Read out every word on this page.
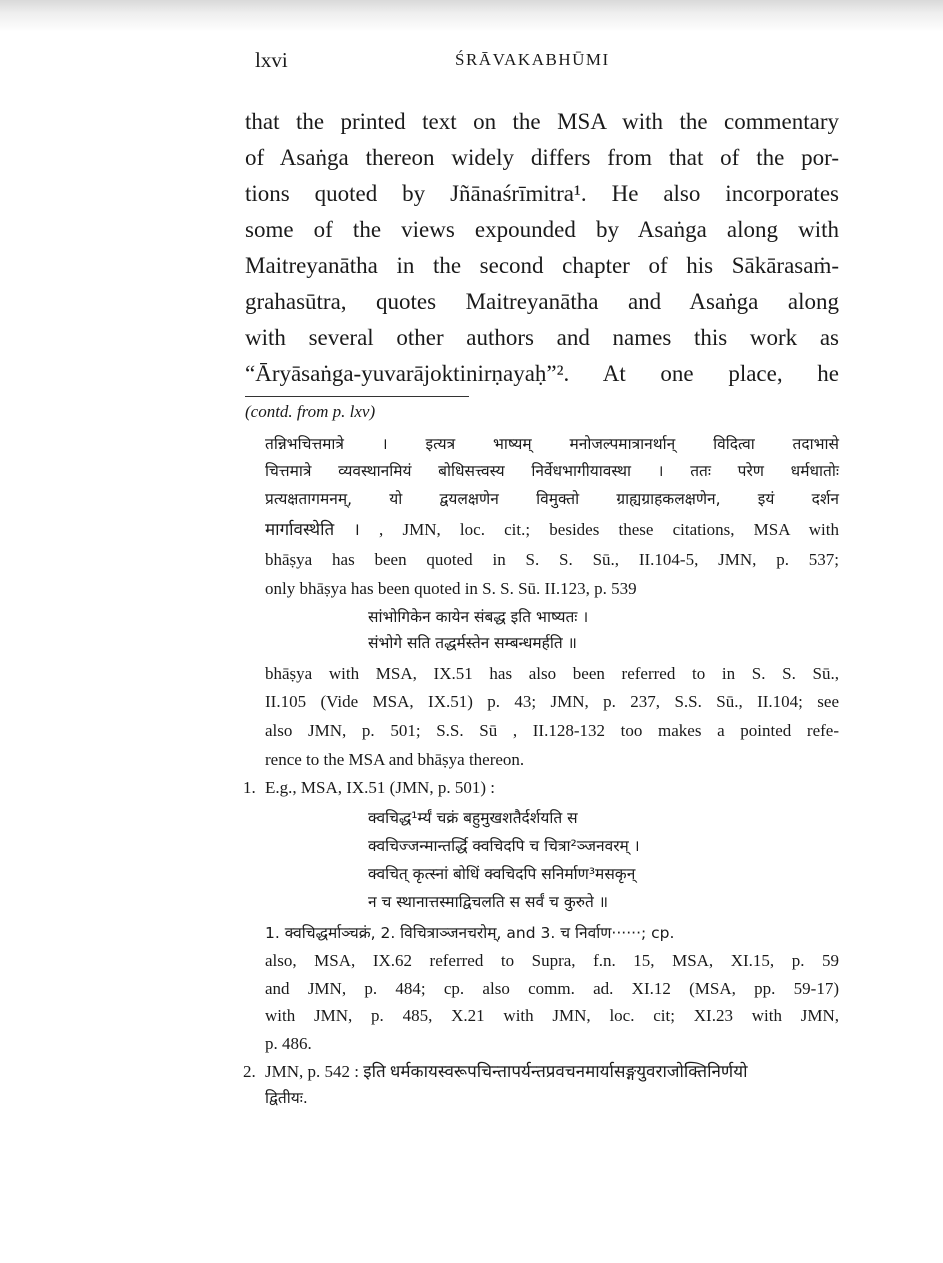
lxvi	ŚRĀVAKABHŪMI
that the printed text on the MSA with the commentary
of Asaṅga thereon widely differs from that of the por-
tions quoted by Jñānaśrīmitra¹. He also incorporates
some of the views expounded by Asaṅga along with
Maitreyanātha in the second chapter of his Sākārasaṁ-
grahasūtra, quotes Maitreyanātha and Asaṅga along
with several other authors and names this work as
“Āryāsaṅga-yuvarājoktinirṇayaḥ”². At one place, he
(contd. from p. lxv)
तन्निभचित्तमात्रे । इत्यत्र भाष्यम् मनोजल्पमात्रानर्थान् विदित्वा तदाभासे
चित्तमात्रे व्यवस्थानमियं बोधिसत्त्वस्य निर्वेधभागीयावस्था । ततः परेण धर्मधातोः
प्रत्यक्षतागमनम्, यो द्वयलक्षणेन विमुक्तो ग्राह्यग्राहकलक्षणेन, इयं दर्शन
मार्गावस्थेति । , JMN, loc. cit.; besides these citations, MSA with
bhāṣya has been quoted in S. S. Sū., II.104-5, JMN, p. 537;
only bhāṣya has been quoted in S. S. Sū. II.123, p. 539
सांभोगिकेन कायेन संबद्ध इति भाष्यतः ।
संभोगे सति तद्धर्मस्तेन सम्बन्धमर्हति ॥
bhāṣya with MSA, IX.51 has also been referred to in S. S. Sū.,
II.105 (Vide MSA, IX.51) p. 43; JMN, p. 237, S.S. Sū., II.104; see
also JMN, p. 501; S.S. Sū , II.128-132 too makes a pointed refe-
rence to the MSA and bhāṣya thereon.
1. E.g., MSA, IX.51 (JMN, p. 501) :
क्वचिद्ध¹र्म्यं चक्रं बहुमुखशतैर्दर्शयति स
क्वचिज्जन्मान्तर्द्धि क्वचिदपि च चित्रा²ञ्जनवरम् ।
क्वचित् कृत्स्नां बोधिं क्वचिदपि सनिर्माण³मसकृन्
न च स्थानात्तस्माद्विचलति स सर्वं च कुरुते ॥
1. क्वचिद्धर्माञ्चक्रं, 2. विचित्राञ्जनचरोम्, and 3. च निर्वाण······; cp.
also, MSA, IX.62 referred to Supra, f.n. 15, MSA, XI.15, p. 59
and JMN, p. 484; cp. also comm. ad. XI.12 (MSA, pp. 59-17)
with JMN, p. 485, X.21 with JMN, loc. cit; XI.23 with JMN,
p. 486.
2. JMN, p. 542 : इति धर्मकायस्वरूपचिन्तापर्यन्तप्रवचनमार्यासङ्गयुवराजोक्तिनिर्णयो
द्वितीयः.
